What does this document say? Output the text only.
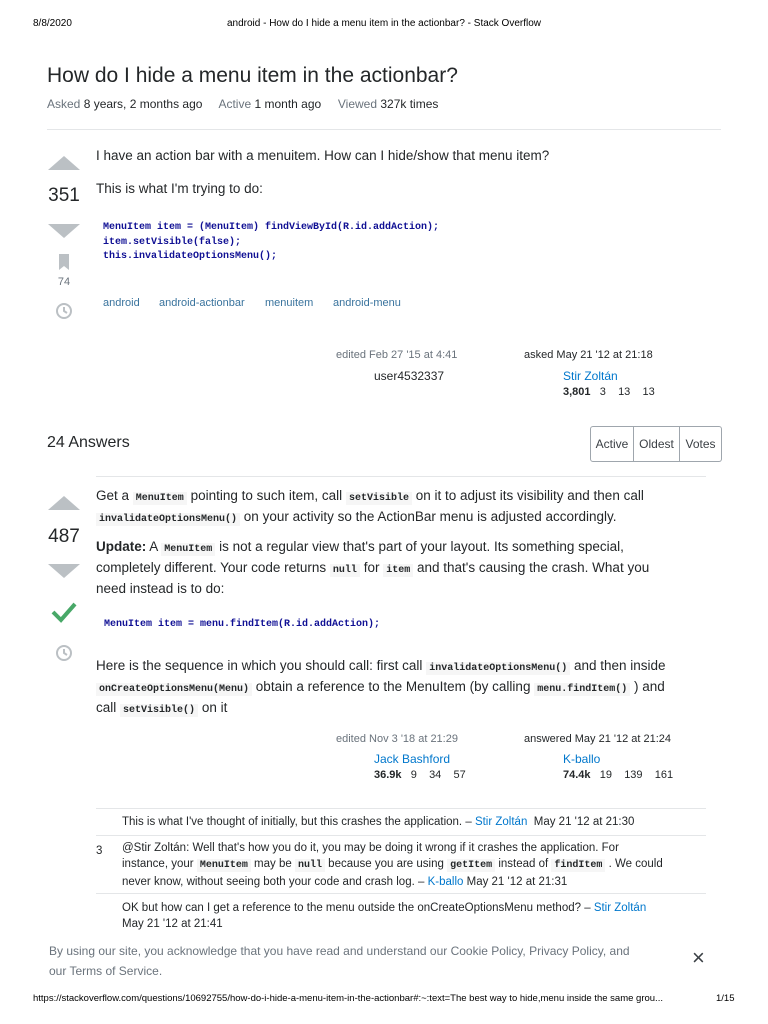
8/8/2020	android - How do I hide a menu item in the actionbar? - Stack Overflow
How do I hide a menu item in the actionbar?
Asked 8 years, 2 months ago Active 1 month ago Viewed 327k times
351
74
I have an action bar with a menuitem. How can I hide/show that menu item?
This is what I'm trying to do:
MenuItem item = (MenuItem) findViewById(R.id.addAction);
item.setVisible(false);
this.invalidateOptionsMenu();
android android-actionbar menuitem android-menu
edited Feb 27 '15 at 4:41
user4532337
asked May 21 '12 at 21:18
Stir Zoltán
3,801 3 13 13
24 Answers	Active Oldest Votes
487
Get a MenuItem pointing to such item, call setVisible on it to adjust its visibility and then call
invalidateOptionsMenu() on your activity so the ActionBar menu is adjusted accordingly.
Update: A MenuItem is not a regular view that's part of your layout. Its something special,
completely different. Your code returns null for item and that's causing the crash. What you
need instead is to do:
MenuItem item = menu.findItem(R.id.addAction);
Here is the sequence in which you should call: first call invalidateOptionsMenu() and then inside
onCreateOptionsMenu(Menu) obtain a reference to the MenuItem (by calling menu.findItem() ) and
call setVisible() on it
edited Nov 3 '18 at 21:29
Jack Bashford
36.9k 9 34 57
answered May 21 '12 at 21:24
K-ballo
74.4k 19 139 161
This is what I've thought of initially, but this crashes the application. – Stir Zoltán May 21 '12 at 21:30
3	@Stir Zoltán: Well that's how you do it, you may be doing it wrong if it crashes the application. For
instance, your MenuItem may be null because you are using getItem instead of findItem . We could
never know, without seeing both your code and crash log. – K-ballo May 21 '12 at 21:31
OK but how can I get a reference to the menu outside the onCreateOptionsMenu method? – Stir Zoltán
May 21 '12 at 21:41
By using our site, you acknowledge that you have read and understand our Cookie Policy, Privacy Policy, and
our Terms of Service.
×
https://stackoverflow.com/questions/10692755/how-do-i-hide-a-menu-item-in-the-actionbar#:~:text=The best way to hide,menu inside the same grou...	1/15
